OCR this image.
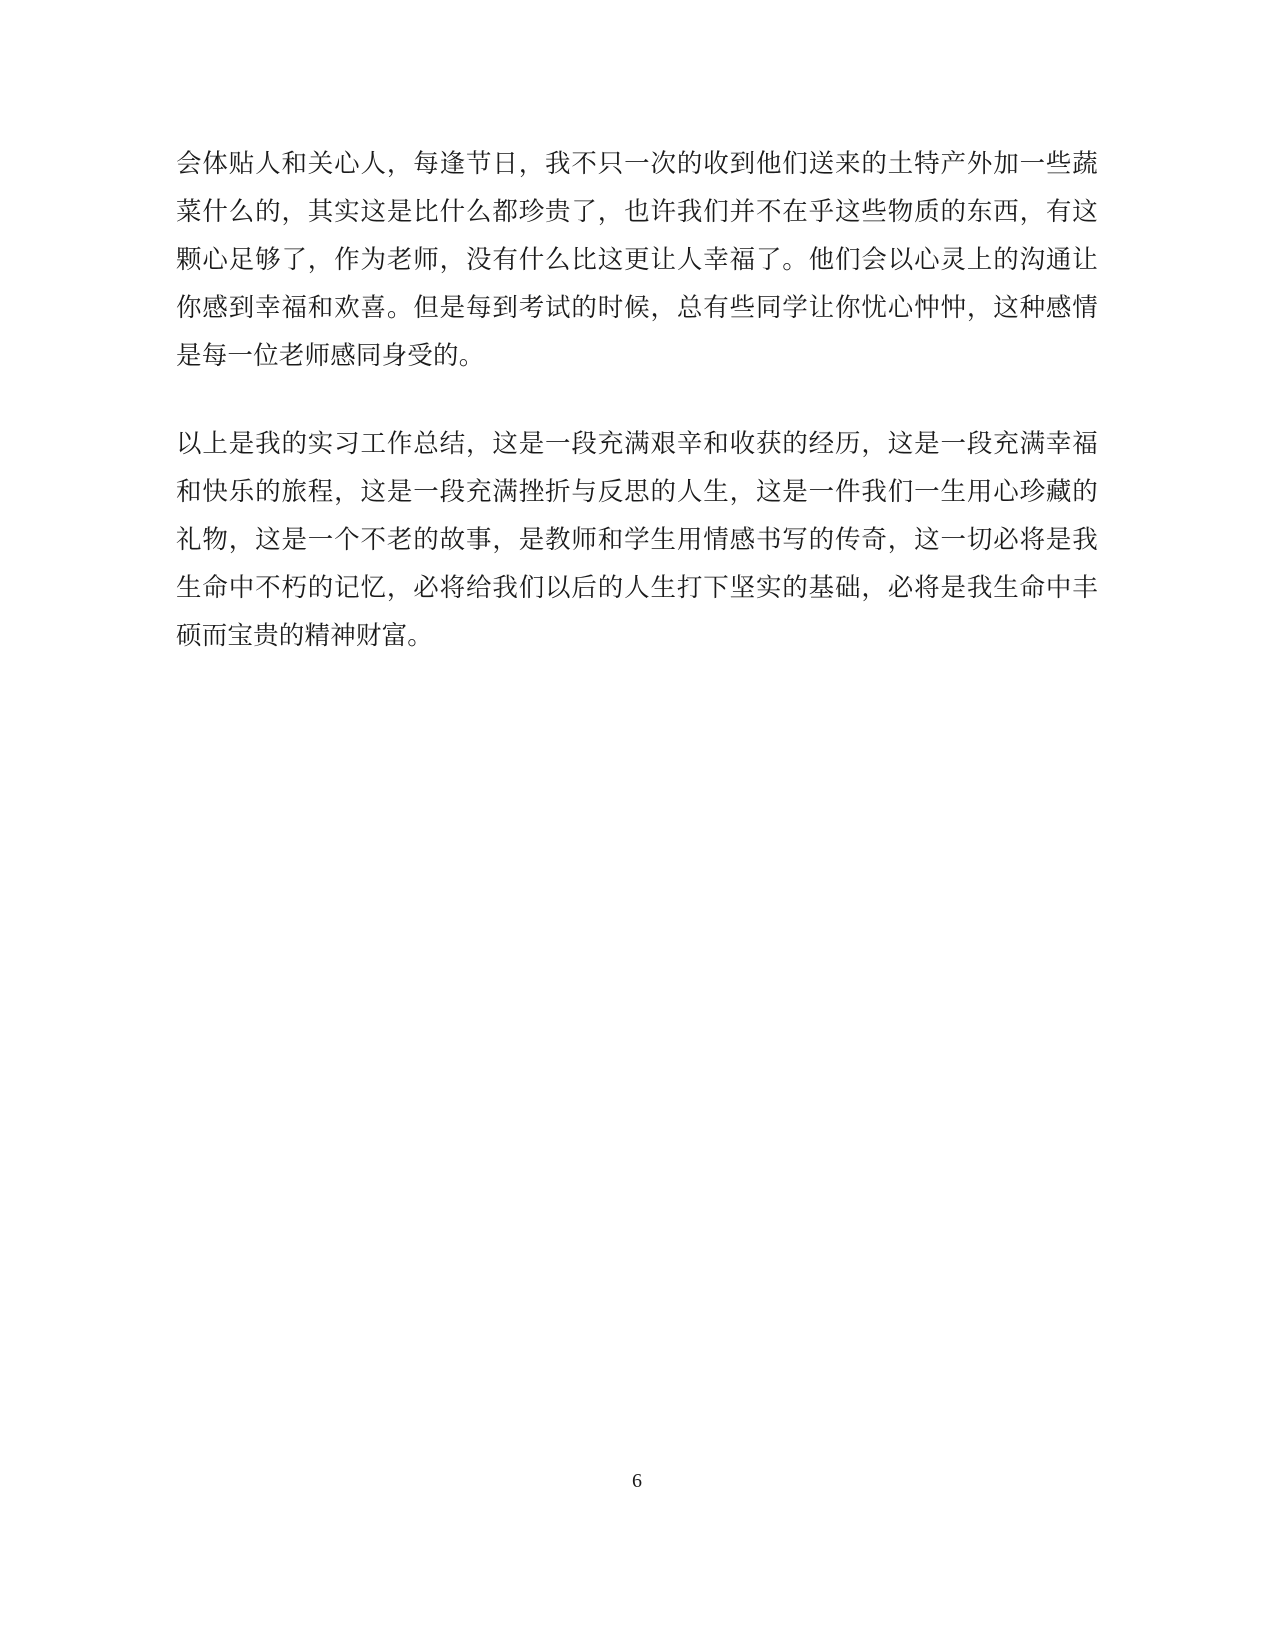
会体贴人和关心人，每逢节日，我不只一次的收到他们送来的土特产外加一些蔬菜什么的，其实这是比什么都珍贵了，也许我们并不在乎这些物质的东西，有这颗心足够了，作为老师，没有什么比这更让人幸福了。他们会以心灵上的沟通让你感到幸福和欢喜。但是每到考试的时候，总有些同学让你忧心忡忡，这种感情是每一位老师感同身受的。

以上是我的实习工作总结，这是一段充满艰辛和收获的经历，这是一段充满幸福和快乐的旅程，这是一段充满挫折与反思的人生，这是一件我们一生用心珍藏的礼物，这是一个不老的故事，是教师和学生用情感书写的传奇，这一切必将是我生命中不朽的记忆，必将给我们以后的人生打下坚实的基础，必将是我生命中丰硕而宝贵的精神财富。

6
